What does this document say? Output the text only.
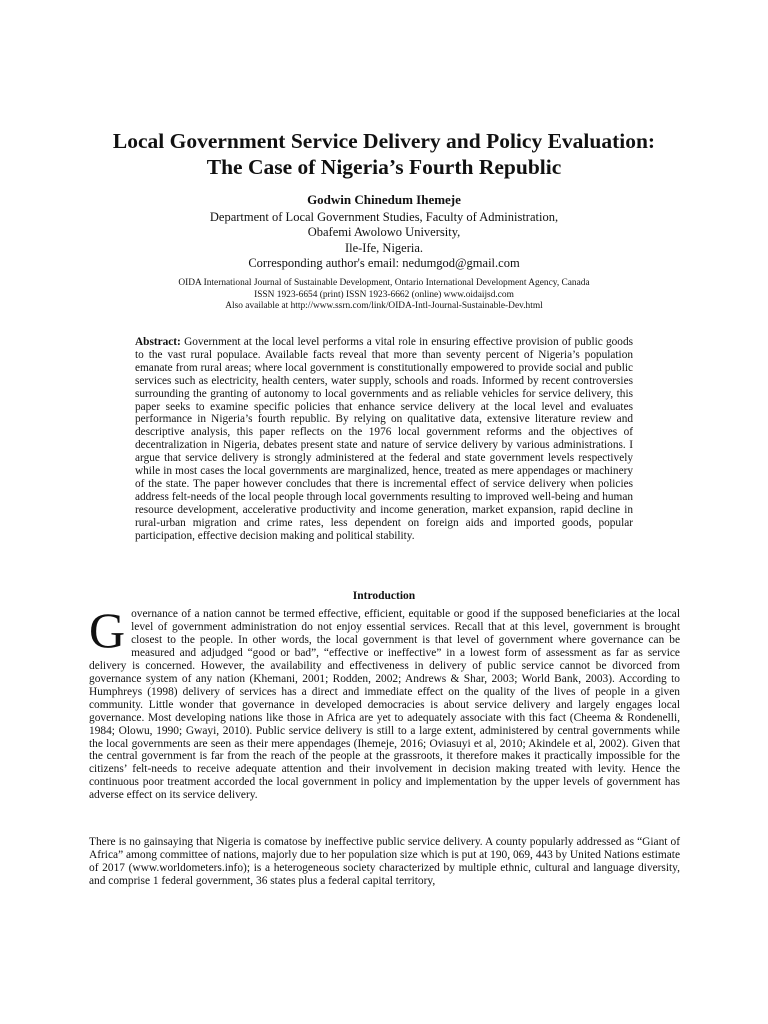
Local Government Service Delivery and Policy Evaluation:
The Case of Nigeria’s Fourth Republic
Godwin Chinedum Ihemeje
Department of Local Government Studies, Faculty of Administration,
Obafemi Awolowo University,
Ile-Ife, Nigeria.
Corresponding author's email: nedumgod@gmail.com
OIDA International Journal of Sustainable Development, Ontario International Development Agency, Canada
ISSN 1923-6654 (print) ISSN 1923-6662 (online) www.oidaijsd.com
Also available at http://www.ssrn.com/link/OIDA-Intl-Journal-Sustainable-Dev.html

Abstract: Government at the local level performs a vital role in ensuring effective provision of public goods to the vast rural populace. Available facts reveal that more than seventy percent of Nigeria’s population emanate from rural areas; where local government is constitutionally empowered to provide social and public services such as electricity, health centers, water supply, schools and roads. Informed by recent controversies surrounding the granting of autonomy to local governments and as reliable vehicles for service delivery, this paper seeks to examine specific policies that enhance service delivery at the local level and evaluates performance in Nigeria’s fourth republic. By relying on qualitative data, extensive literature review and descriptive analysis, this paper reflects on the 1976 local government reforms and the objectives of decentralization in Nigeria, debates present state and nature of service delivery by various administrations. I argue that service delivery is strongly administered at the federal and state government levels respectively while in most cases the local governments are marginalized, hence, treated as mere appendages or machinery of the state. The paper however concludes that there is incremental effect of service delivery when policies address felt-needs of the local people through local governments resulting to improved well-being and human resource development, accelerative productivity and income generation, market expansion, rapid decline in rural-urban migration and crime rates, less dependent on foreign aids and imported goods, popular participation, effective decision making and political stability.

Introduction

Governance of a nation cannot be termed effective, efficient, equitable or good if the supposed beneficiaries at the local level of government administration do not enjoy essential services. Recall that at this level, government is brought closest to the people. In other words, the local government is that level of government where governance can be measured and adjudged “good or bad”, “effective or ineffective” in a lowest form of assessment as far as service delivery is concerned. However, the availability and effectiveness in delivery of public service cannot be divorced from governance system of any nation (Khemani, 2001; Rodden, 2002; Andrews & Shar, 2003; World Bank, 2003). According to Humphreys (1998) delivery of services has a direct and immediate effect on the quality of the lives of people in a given community. Little wonder that governance in developed democracies is about service delivery and largely engages local governance. Most developing nations like those in Africa are yet to adequately associate with this fact (Cheema & Rondenelli, 1984; Olowu, 1990; Gwayi, 2010). Public service delivery is still to a large extent, administered by central governments while the local governments are seen as their mere appendages (Ihemeje, 2016; Oviasuyi et al, 2010; Akindele et al, 2002). Given that the central government is far from the reach of the people at the grassroots, it therefore makes it practically impossible for the citizens’ felt-needs to receive adequate attention and their involvement in decision making treated with levity. Hence the continuous poor treatment accorded the local government in policy and implementation by the upper levels of government has adverse effect on its service delivery.

There is no gainsaying that Nigeria is comatose by ineffective public service delivery. A county popularly addressed as “Giant of Africa” among committee of nations, majorly due to her population size which is put at 190, 069, 443 by United Nations estimate of 2017 (www.worldometers.info); is a heterogeneous society characterized by multiple ethnic, cultural and language diversity, and comprise 1 federal government, 36 states plus a federal capital territory,
